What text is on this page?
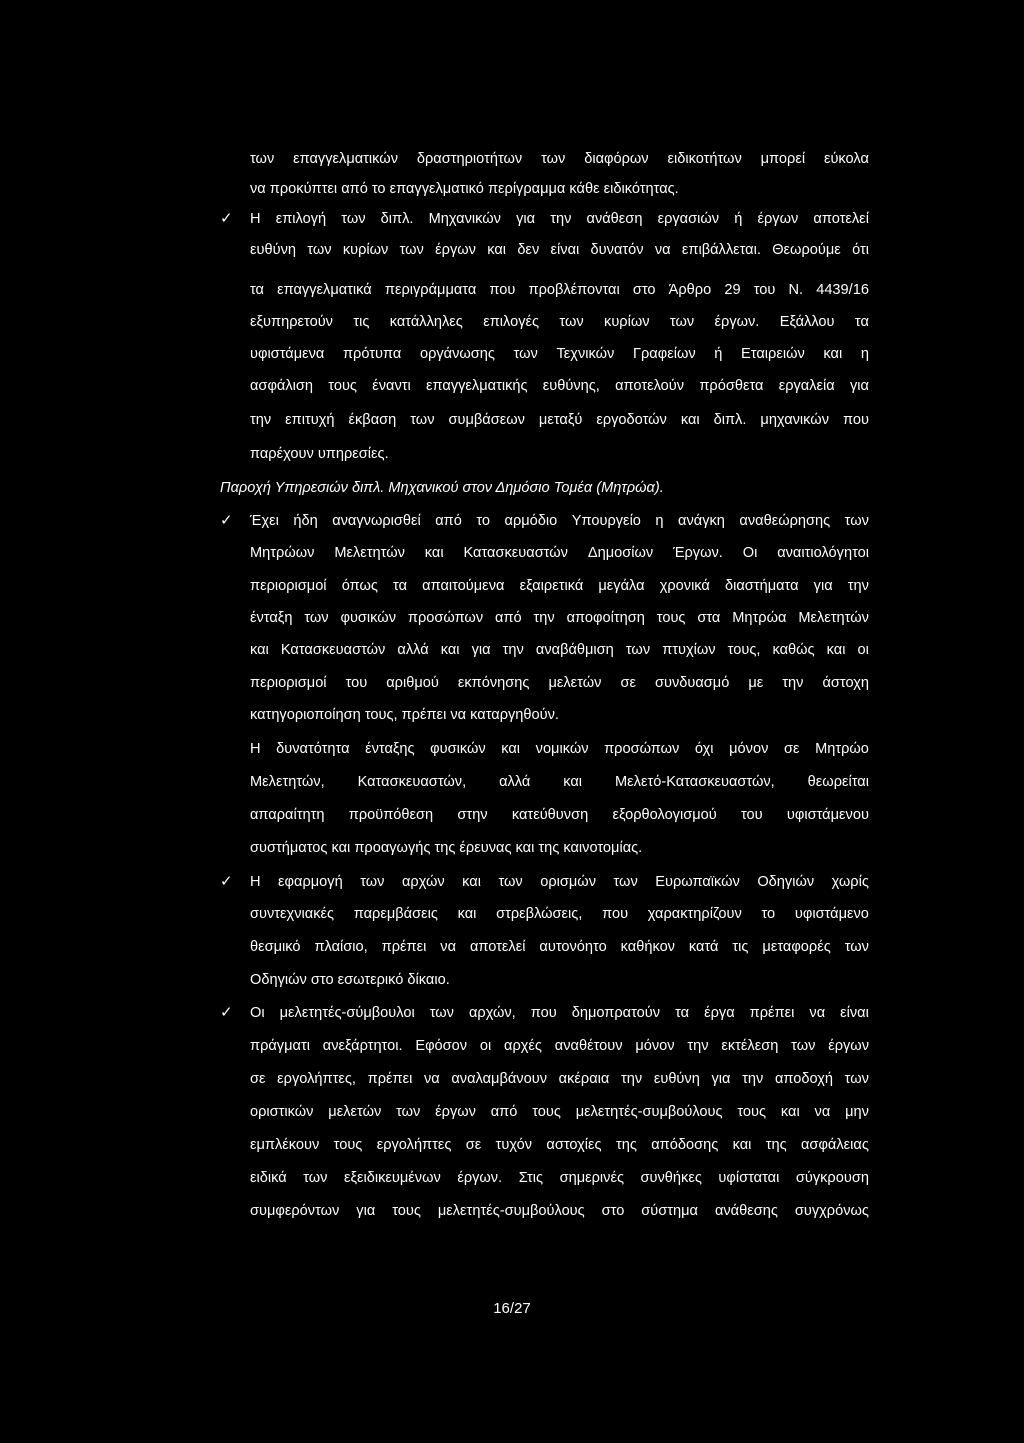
των επαγγελματικών δραστηριοτήτων των διαφόρων ειδικοτήτων μπορεί εύκολα
να προκύπτει από το επαγγελματικό περίγραμμα κάθε ειδικότητας.
✓ Η επιλογή των διπλ. Μηχανικών για την ανάθεση εργασιών ή έργων αποτελεί
ευθύνη των κυρίων των έργων και δεν είναι δυνατόν να επιβάλλεται. Θεωρούμε ότι
τα επαγγελματικά περιγράμματα που προβλέπονται στο Άρθρο 29 του Ν. 4439/16
εξυπηρετούν τις κατάλληλες επιλογές των κυρίων των έργων. Εξάλλου τα
υφιστάμενα πρότυπα οργάνωσης των Τεχνικών Γραφείων ή Εταιρειών και η
ασφάλιση τους έναντι επαγγελματικής ευθύνης, αποτελούν πρόσθετα εργαλεία για
την επιτυχή έκβαση των συμβάσεων μεταξύ εργοδοτών και διπλ. μηχανικών που
παρέχουν υπηρεσίες.
Παροχή Υπηρεσιών διπλ. Μηχανικού στον Δημόσιο Τομέα (Μητρώα).
✓ Έχει ήδη αναγνωρισθεί από το αρμόδιο Υπουργείο η ανάγκη αναθεώρησης των
Μητρώων Μελετητών και Κατασκευαστών Δημοσίων Έργων. Οι αναιτιολόγητοι
περιορισμοί όπως τα απαιτούμενα εξαιρετικά μεγάλα χρονικά διαστήματα για την
ένταξη των φυσικών προσώπων από την αποφοίτηση τους στα Μητρώα Μελετητών
και Κατασκευαστών αλλά και για την αναβάθμιση των πτυχίων τους, καθώς και οι
περιορισμοί του αριθμού εκπόνησης μελετών σε συνδυασμό με την άστοχη
κατηγοριοποίηση τους, πρέπει να καταργηθούν.
Η δυνατότητα ένταξης φυσικών και νομικών προσώπων όχι μόνον σε Μητρώο
Μελετητών, Κατασκευαστών, αλλά και Μελετό-Κατασκευαστών, θεωρείται
απαραίτητη προϋπόθεση στην κατεύθυνση εξορθολογισμού του υφιστάμενου
συστήματος και προαγωγής της έρευνας και της καινοτομίας.
✓ Η εφαρμογή των αρχών και των ορισμών των Ευρωπαϊκών Οδηγιών χωρίς
συντεχνιακές παρεμβάσεις και στρεβλώσεις, που χαρακτηρίζουν το υφιστάμενο
θεσμικό πλαίσιο, πρέπει να αποτελεί αυτονόητο καθήκον κατά τις μεταφορές των
Οδηγιών στο εσωτερικό δίκαιο.
✓ Οι μελετητές-σύμβουλοι των αρχών, που δημοπρατούν τα έργα πρέπει να είναι
πράγματι ανεξάρτητοι. Εφόσον οι αρχές αναθέτουν μόνον την εκτέλεση των έργων
σε εργολήπτες, πρέπει να αναλαμβάνουν ακέραια την ευθύνη για την αποδοχή των
οριστικών μελετών των έργων από τους μελετητές-συμβούλους τους και να μην
εμπλέκουν τους εργολήπτες σε τυχόν αστοχίες της απόδοσης και της ασφάλειας
ειδικά των εξειδικευμένων έργων. Στις σημερινές συνθήκες υφίσταται σύγκρουση
συμφερόντων για τους μελετητές-συμβούλους στο σύστημα ανάθεσης συγχρόνως
16/27
